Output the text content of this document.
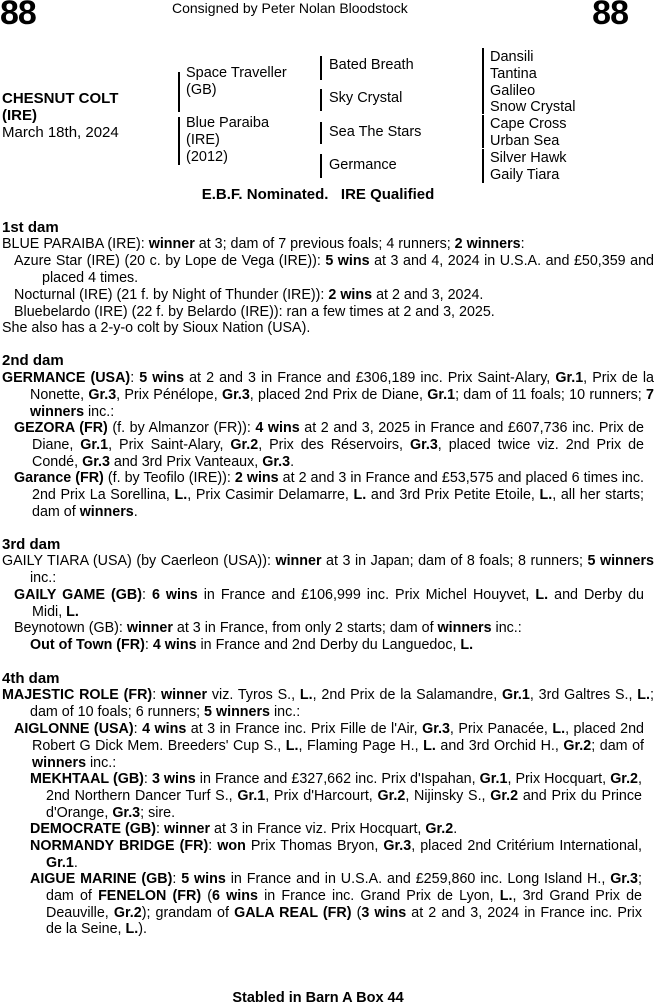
88	88
Consigned by Peter Nolan Bloodstock
CHESNUT COLT
(IRE)
March 18th, 2024
Space Traveller
(GB)
Blue Paraiba
(IRE)
(2012)
Bated Breath
Sky Crystal
Sea The Stars
Germance
Dansili
Tantina
Galileo
Snow Crystal
Cape Cross
Urban Sea
Silver Hawk
Gaily Tiara
E.B.F. Nominated.   IRE Qualified
1st dam
BLUE PARAIBA (IRE): winner at 3; dam of 7 previous foals; 4 runners; 2 winners:
Azure Star (IRE) (20 c. by Lope de Vega (IRE)): 5 wins at 3 and 4, 2024 in U.S.A. and £50,359 and placed 4 times.
Nocturnal (IRE) (21 f. by Night of Thunder (IRE)): 2 wins at 2 and 3, 2024.
Bluebelardo (IRE) (22 f. by Belardo (IRE)): ran a few times at 2 and 3, 2025.
She also has a 2-y-o colt by Sioux Nation (USA).
2nd dam
GERMANCE (USA): 5 wins at 2 and 3 in France and £306,189 inc. Prix Saint-Alary, Gr.1, Prix de la Nonette, Gr.3, Prix Pénélope, Gr.3, placed 2nd Prix de Diane, Gr.1; dam of 11 foals; 10 runners; 7 winners inc.:
GEZORA (FR) (f. by Almanzor (FR)): 4 wins at 2 and 3, 2025 in France and £607,736 inc. Prix de Diane, Gr.1, Prix Saint-Alary, Gr.2, Prix des Réservoirs, Gr.3, placed twice viz. 2nd Prix de Condé, Gr.3 and 3rd Prix Vanteaux, Gr.3.
Garance (FR) (f. by Teofilo (IRE)): 2 wins at 2 and 3 in France and £53,575 and placed 6 times inc. 2nd Prix La Sorellina, L., Prix Casimir Delamarre, L. and 3rd Prix Petite Etoile, L., all her starts; dam of winners.
3rd dam
GAILY TIARA (USA) (by Caerleon (USA)): winner at 3 in Japan; dam of 8 foals; 8 runners; 5 winners inc.:
GAILY GAME (GB): 6 wins in France and £106,999 inc. Prix Michel Houyvet, L. and Derby du Midi, L.
Beynotown (GB): winner at 3 in France, from only 2 starts; dam of winners inc.:
Out of Town (FR): 4 wins in France and 2nd Derby du Languedoc, L.
4th dam
MAJESTIC ROLE (FR): winner viz. Tyros S., L., 2nd Prix de la Salamandre, Gr.1, 3rd Galtres S., L.; dam of 10 foals; 6 runners; 5 winners inc.:
AIGLONNE (USA): 4 wins at 3 in France inc. Prix Fille de l'Air, Gr.3, Prix Panacée, L., placed 2nd Robert G Dick Mem. Breeders' Cup S., L., Flaming Page H., L. and 3rd Orchid H., Gr.2; dam of winners inc.:
MEKHTAAL (GB): 3 wins in France and £327,662 inc. Prix d'Ispahan, Gr.1, Prix Hocquart, Gr.2, 2nd Northern Dancer Turf S., Gr.1, Prix d'Harcourt, Gr.2, Nijinsky S., Gr.2 and Prix du Prince d'Orange, Gr.3; sire.
DEMOCRATE (GB): winner at 3 in France viz. Prix Hocquart, Gr.2.
NORMANDY BRIDGE (FR): won Prix Thomas Bryon, Gr.3, placed 2nd Critérium International, Gr.1.
AIGUE MARINE (GB): 5 wins in France and in U.S.A. and £259,860 inc. Long Island H., Gr.3; dam of FENELON (FR) (6 wins in France inc. Grand Prix de Lyon, L., 3rd Grand Prix de Deauville, Gr.2); grandam of GALA REAL (FR) (3 wins at 2 and 3, 2024 in France inc. Prix de la Seine, L.).
Stabled in Barn A Box 44
